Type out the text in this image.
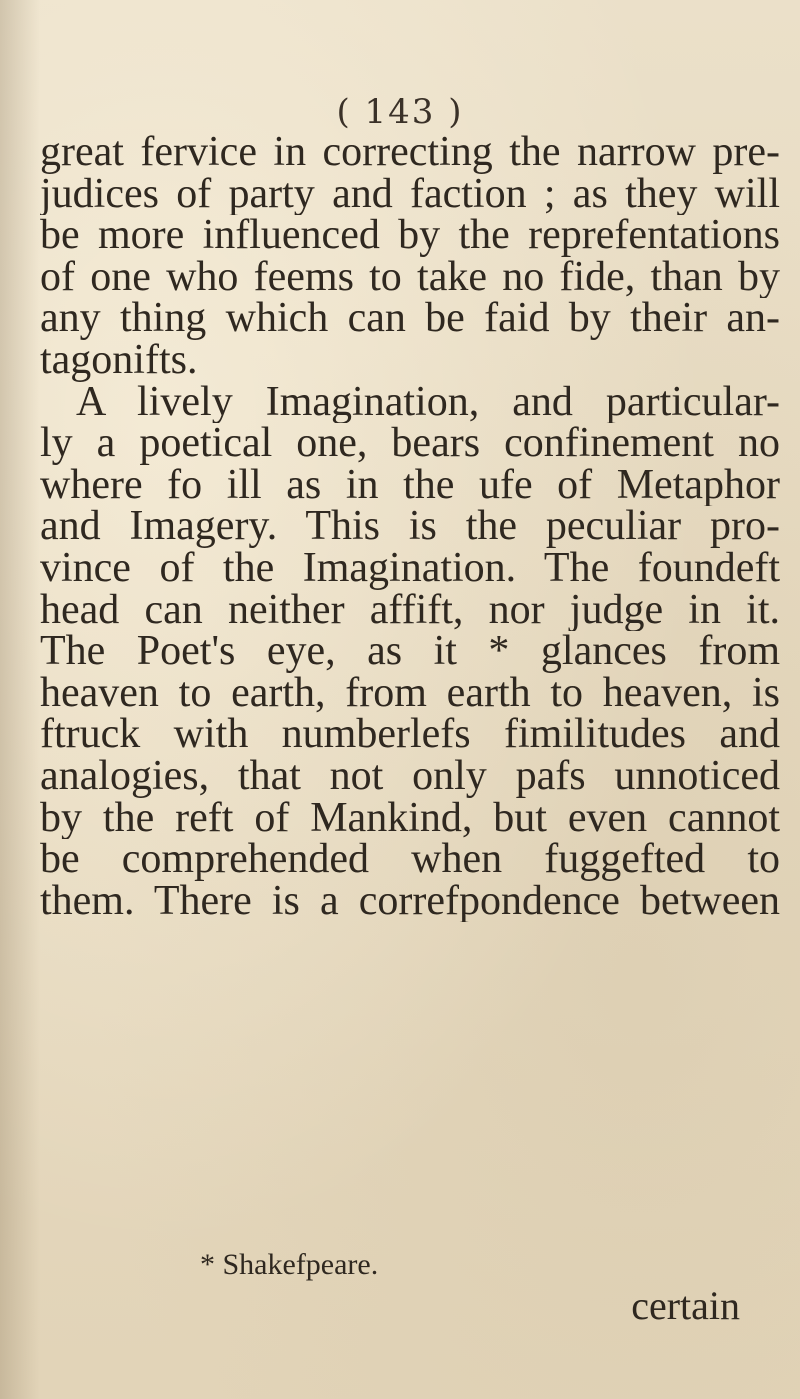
( 143 )
great fervice in correcting the narrow pre-
judices of party and faction ; as they will
be more influenced by the reprefentations
of one who feems to take no fide, than by
any thing which can be faid by their an-
tagonifts.
A lively Imagination, and particular-
ly a poetical one, bears confinement no
where fo ill as in the ufe of Metaphor
and Imagery. This is the peculiar pro-
vince of the Imagination. The foundeft
head can neither affift, nor judge in it.
The Poet's eye, as it * glances from
heaven to earth, from earth to heaven, is
ftruck with numberlefs fimilitudes and
analogies, that not only pafs unnoticed
by the reft of Mankind, but even cannot
be comprehended when fuggefted to
them. There is a correfpondence between
* Shakefpeare.
certain
